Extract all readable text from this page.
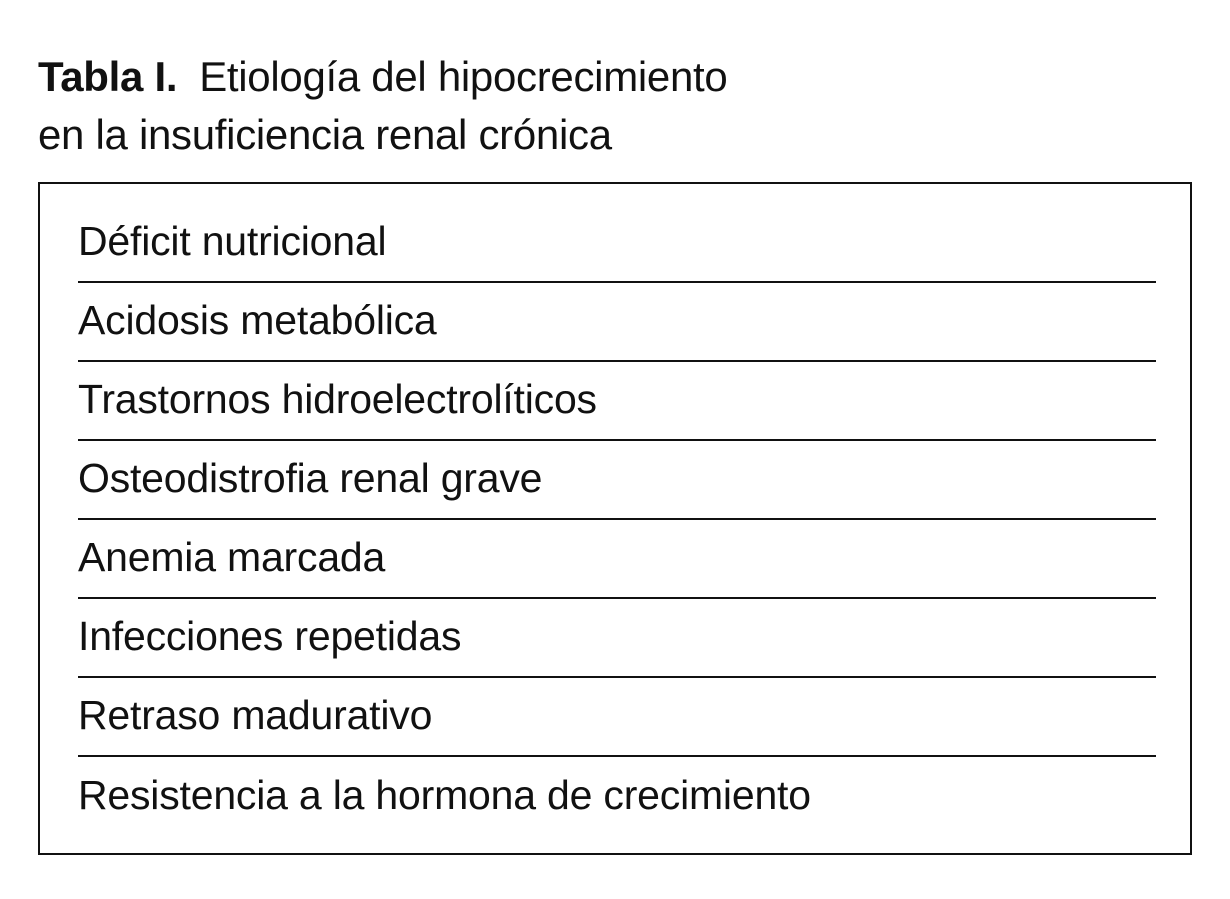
Tabla I. Etiología del hipocrecimiento
en la insuficiencia renal crónica
Déficit nutricional
Acidosis metabólica
Trastornos hidroelectrolíticos
Osteodistrofia renal grave
Anemia marcada
Infecciones repetidas
Retraso madurativo
Resistencia a la hormona de crecimiento
